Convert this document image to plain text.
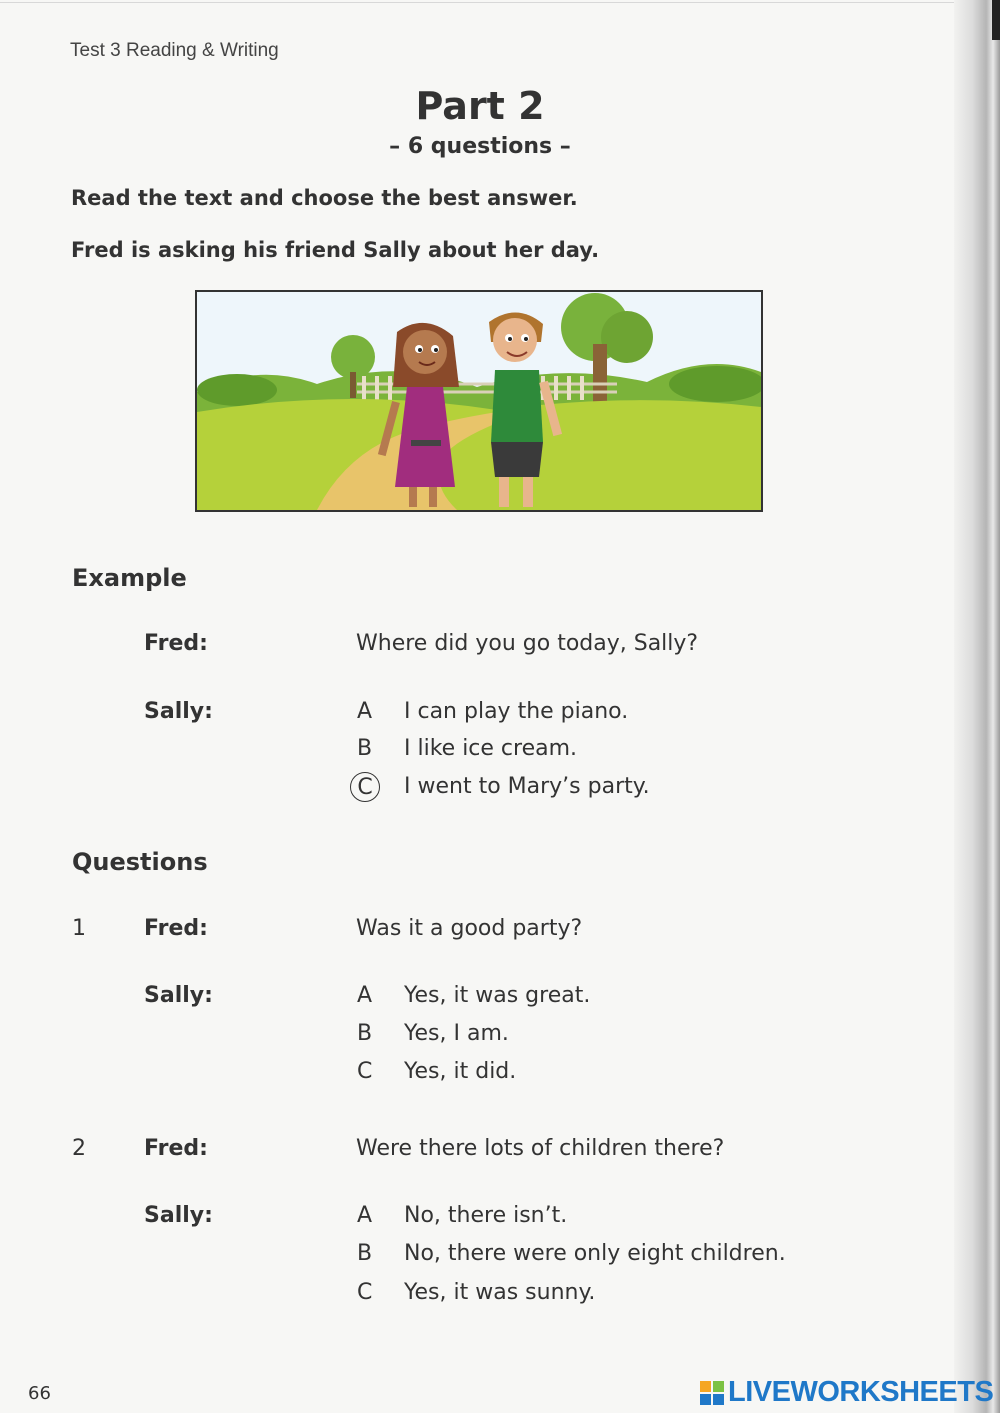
Test 3 Reading & Writing
Part 2
– 6 questions –
Read the text and choose the best answer.
Fred is asking his friend Sally about her day.
Example
Fred:	Where did you go today, Sally?
Sally:	A	I can play the piano.
B	I like ice cream.
C	I went to Mary’s party.
Questions
1	Fred:	Was it a good party?
Sally:	A	Yes, it was great.
B	Yes, I am.
C	Yes, it did.
2	Fred:	Were there lots of children there?
Sally:	A	No, there isn’t.
B	No, there were only eight children.
C	Yes, it was sunny.
66	LIVEWORKSHEETS
